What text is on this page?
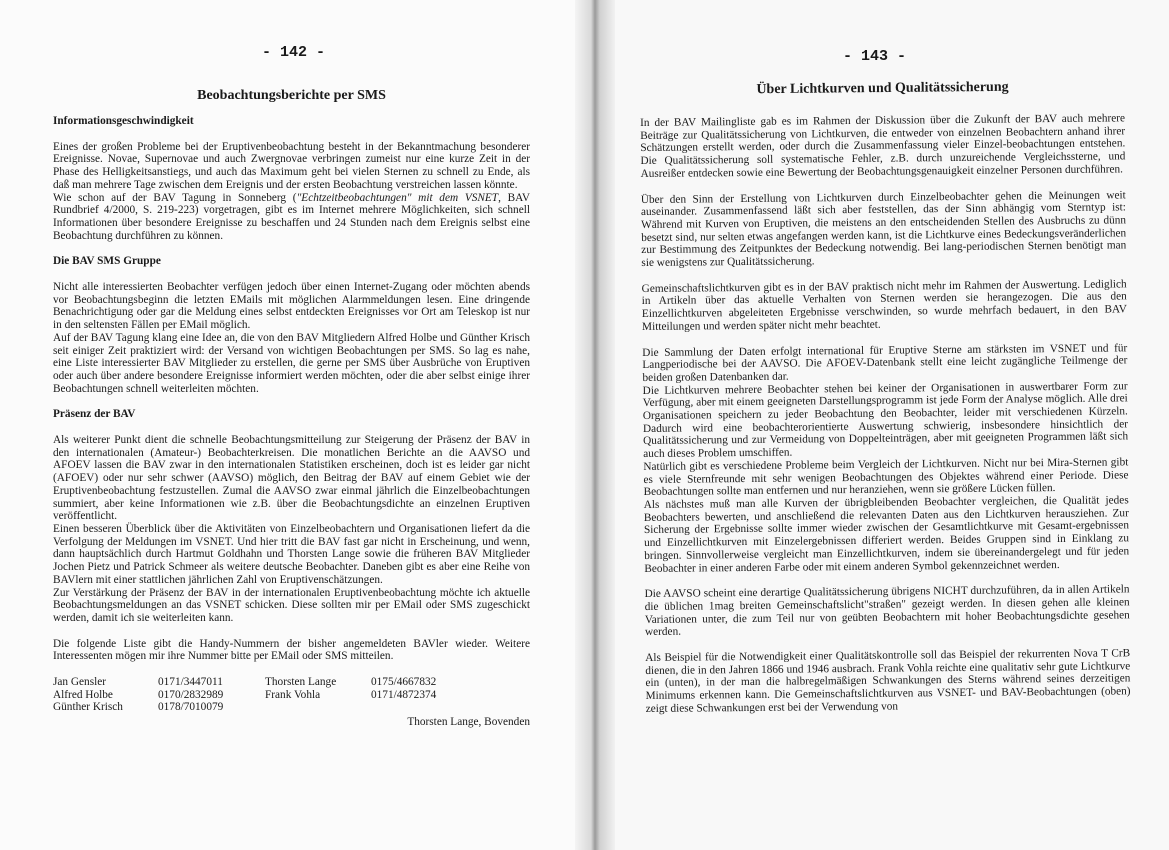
- 142 -
Beobachtungsberichte per SMS
Informationsgeschwindigkeit

Eines der großen Probleme bei der Eruptivenbeobachtung besteht in der Bekanntmachung besonderer Ereignisse. Novae, Supernovae und auch Zwergnovae verbringen zumeist nur eine kurze Zeit in der Phase des Helligkeitsanstiegs, und auch das Maximum geht bei vielen Sternen zu schnell zu Ende, als daß man mehrere Tage zwischen dem Ereignis und der ersten Beobachtung verstreichen lassen könnte.

Wie schon auf der BAV Tagung in Sonneberg ("Echtzeitbeobachtungen" mit dem VSNET, BAV Rundbrief 4/2000, S. 219-223) vorgetragen, gibt es im Internet mehrere Möglichkeiten, sich schnell Informationen über besondere Ereignisse zu beschaffen und 24 Stunden nach dem Ereignis selbst eine Beobachtung durchführen zu können.

Die BAV SMS Gruppe

Nicht alle interessierten Beobachter verfügen jedoch über einen Internet-Zugang oder möchten abends vor Beobachtungsbeginn die letzten EMails mit möglichen Alarmmeldungen lesen. Eine dringende Benachrichtigung oder gar die Meldung eines selbst entdeckten Ereignisses vor Ort am Teleskop ist nur in den seltensten Fällen per EMail möglich.

Auf der BAV Tagung klang eine Idee an, die von den BAV Mitgliedern Alfred Holbe und Günther Krisch seit einiger Zeit praktiziert wird: der Versand von wichtigen Beobachtungen per SMS. So lag es nahe, eine Liste interessierter BAV Mitglieder zu erstellen, die gerne per SMS über Ausbrüche von Eruptiven oder auch über andere besondere Ereignisse informiert werden möchten, oder die aber selbst einige ihrer Beobachtungen schnell weiterleiten möchten.

Präsenz der BAV

Als weiterer Punkt dient die schnelle Beobachtungsmitteilung zur Steigerung der Präsenz der BAV in den internationalen (Amateur-) Beobachterkreisen. Die monatlichen Berichte an die AAVSO und AFOEV lassen die BAV zwar in den internationalen Statistiken erscheinen, doch ist es leider gar nicht (AFOEV) oder nur sehr schwer (AAVSO) möglich, den Beitrag der BAV auf einem Gebiet wie der Eruptivenbeobachtung festzustellen. Zumal die AAVSO zwar einmal jährlich die Einzelbeobachtungen summiert, aber keine Informationen wie z.B. über die Beobachtungsdichte an einzelnen Eruptiven veröffentlicht.

Einen besseren Überblick über die Aktivitäten von Einzelbeobachtern und Organisationen liefert da die Verfolgung der Meldungen im VSNET. Und hier tritt die BAV fast gar nicht in Erscheinung, und wenn, dann hauptsächlich durch Hartmut Goldhahn und Thorsten Lange sowie die früheren BAV Mitglieder Jochen Pietz und Patrick Schmeer als weitere deutsche Beobachter. Daneben gibt es aber eine Reihe von BAVlern mit einer stattlichen jährlichen Zahl von Eruptivenschätzungen.

Zur Verstärkung der Präsenz der BAV in der internationalen Eruptivenbeobachtung möchte ich aktuelle Beobachtungsmeldungen an das VSNET schicken. Diese sollten mir per EMail oder SMS zugeschickt werden, damit ich sie weiterleiten kann.

Die folgende Liste gibt die Handy-Nummern der bisher angemeldeten BAVler wieder. Weitere Interessenten mögen mir ihre Nummer bitte per EMail oder SMS mitteilen.

Jan Gensler	0171/3447011	Thorsten Lange	0175/4667832
Alfred Holbe	0170/2832989	Frank Vohla	0171/4872374
Günther Krisch	0178/7010079
Thorsten Lange, Bovenden
- 143 -
Über Lichtkurven und Qualitätssicherung

In der BAV Mailingliste gab es im Rahmen der Diskussion über die Zukunft der BAV auch mehrere Beiträge zur Qualitätssicherung von Lichtkurven, die entweder von einzelnen Beobachtern anhand ihrer Schätzungen erstellt werden, oder durch die Zusammenfassung vieler Einzel-beobachtungen entstehen. Die Qualitätssicherung soll systematische Fehler, z.B. durch unzureichende Vergleichssterne, und Ausreißer entdecken sowie eine Bewertung der Beobachtungsgenauigkeit einzelner Personen durchführen.

Über den Sinn der Erstellung von Lichtkurven durch Einzelbeobachter gehen die Meinungen weit auseinander. Zusammenfassend läßt sich aber feststellen, das der Sinn abhängig vom Sterntyp ist: Während mit Kurven von Eruptiven, die meistens an den entscheidenden Stellen des Ausbruchs zu dünn besetzt sind, nur selten etwas angefangen werden kann, ist die Lichtkurve eines Bedeckungsveränderlichen zur Bestimmung des Zeitpunktes der Bedeckung notwendig. Bei lang-periodischen Sternen benötigt man sie wenigstens zur Qualitätssicherung.

Gemeinschaftslichtkurven gibt es in der BAV praktisch nicht mehr im Rahmen der Auswertung. Lediglich in Artikeln über das aktuelle Verhalten von Sternen werden sie herangezogen. Die aus den Einzellichtkurven abgeleiteten Ergebnisse verschwinden, so wurde mehrfach bedauert, in den BAV Mitteilungen und werden später nicht mehr beachtet.

Die Sammlung der Daten erfolgt international für Eruptive Sterne am stärksten im VSNET und für Langperiodische bei der AAVSO. Die AFOEV-Datenbank stellt eine leicht zugängliche Teilmenge der beiden großen Datenbanken dar.

Die Lichtkurven mehrere Beobachter stehen bei keiner der Organisationen in auswertbarer Form zur Verfügung, aber mit einem geeigneten Darstellungsprogramm ist jede Form der Analyse möglich. Alle drei Organisationen speichern zu jeder Beobachtung den Beobachter, leider mit verschiedenen Kürzeln. Dadurch wird eine beobachterorientierte Auswertung schwierig, insbesondere hinsichtlich der Qualitätssicherung und zur Vermeidung von Doppelteinträgen, aber mit geeigneten Programmen läßt sich auch dieses Problem umschiffen.

Natürlich gibt es verschiedene Probleme beim Vergleich der Lichtkurven. Nicht nur bei Mira-Sternen gibt es viele Sternfreunde mit sehr wenigen Beobachtungen des Objektes während einer Periode. Diese Beobachtungen sollte man entfernen und nur heranziehen, wenn sie größere Lücken füllen.

Als nächstes muß man alle Kurven der übrigbleibenden Beobachter vergleichen, die Qualität jedes Beobachters bewerten, und anschließend die relevanten Daten aus den Lichtkurven herausziehen. Zur Sicherung der Ergebnisse sollte immer wieder zwischen der Gesamtlichtkurve mit Gesamt-ergebnissen und Einzellichtkurven mit Einzelergebnissen differiert werden. Beides Gruppen sind in Einklang zu bringen. Sinnvollerweise vergleicht man Einzellichtkurven, indem sie übereinandergelegt und für jeden Beobachter in einer anderen Farbe oder mit einem anderen Symbol gekennzeichnet werden.

Die AAVSO scheint eine derartige Qualitätssicherung übrigens NICHT durchzuführen, da in allen Artikeln die üblichen 1mag breiten Gemeinschaftslicht"straßen" gezeigt werden. In diesen gehen alle kleinen Variationen unter, die zum Teil nur von geübten Beobachtern mit hoher Beobachtungsdichte gesehen werden.

Als Beispiel für die Notwendigkeit einer Qualitätskontrolle soll das Beispiel der rekurrenten Nova T CrB dienen, die in den Jahren 1866 und 1946 ausbrach. Frank Vohla reichte eine qualitativ sehr gute Lichtkurve ein (unten), in der man die halbregelmäßigen Schwankungen des Sterns während seines derzeitigen Minimums erkennen kann. Die Gemeinschaftslichtkurven aus VSNET- und BAV-Beobachtungen (oben) zeigt diese Schwankungen erst bei der Verwendung von
